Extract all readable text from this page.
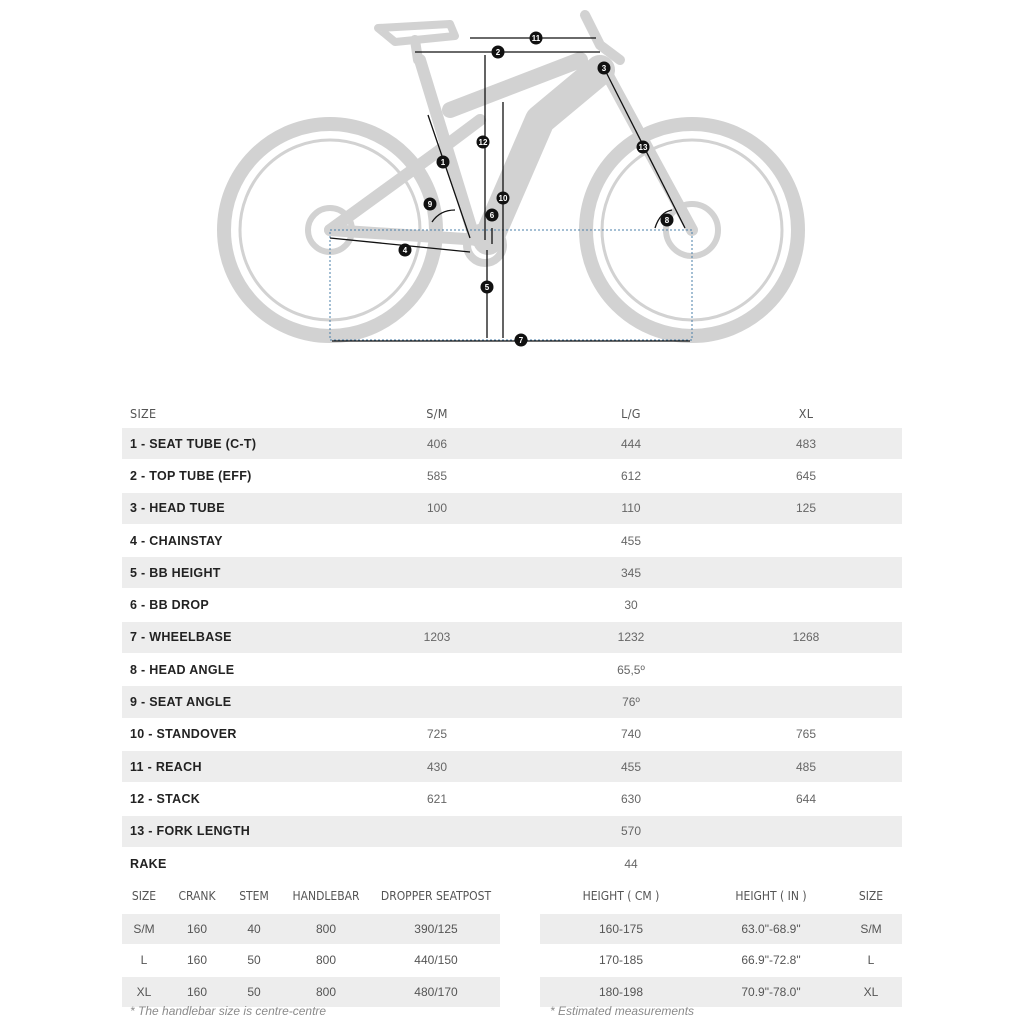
1
2
3
4
5
6
7
8
9
10
11
12
13
SIZE	S/M	L/G	XL
1 - SEAT TUBE (C-T)	406	444	483
2 - TOP TUBE (EFF)	585	612	645
3 - HEAD TUBE	100	110	125
4 - CHAINSTAY		455	
5 - BB HEIGHT		345	
6 - BB DROP		30	
7 - WHEELBASE	1203	1232	1268
8 - HEAD ANGLE		65,5º	
9 - SEAT ANGLE		76º	
10 - STANDOVER	725	740	765
11 - REACH	430	455	485
12 - STACK	621	630	644
13 - FORK LENGTH		570	
RAKE		44	
SIZE	CRANK	STEM	HANDLEBAR	DROPPER SEATPOST
S/M	160	40	800	390/125
L	160	50	800	440/150
XL	160	50	800	480/170
* The handlebar size is centre-centre
HEIGHT ( CM )	HEIGHT ( IN )	SIZE
160-175	63.0"-68.9"	S/M
170-185	66.9"-72.8"	L
180-198	70.9"-78.0"	XL
* Estimated measurements
